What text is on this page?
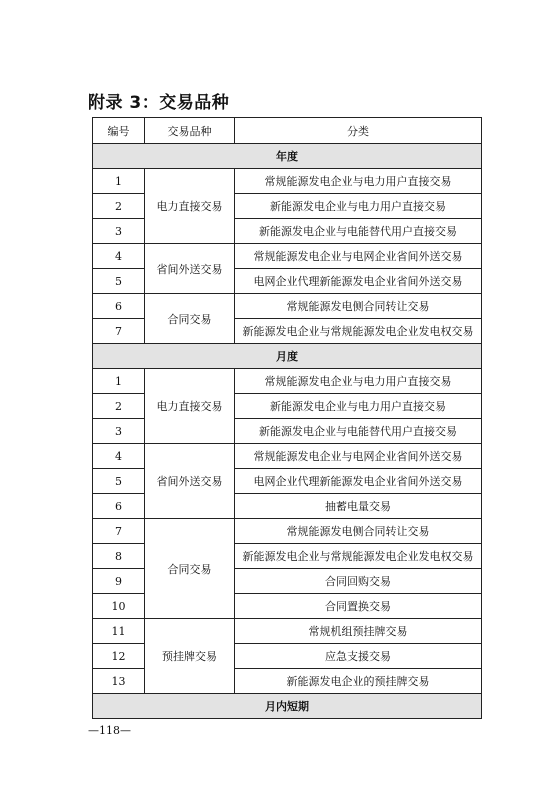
附录 3：交易品种
编号	交易品种	分类
年度		
1	电力直接交易	常规能源发电企业与电力用户直接交易
2		新能源发电企业与电力用户直接交易
3		新能源发电企业与电能替代用户直接交易
4	省间外送交易	常规能源发电企业与电网企业省间外送交易
5		电网企业代理新能源发电企业省间外送交易
6	合同交易	常规能源发电侧合同转让交易
7		新能源发电企业与常规能源发电企业发电权交易
月度		
1	电力直接交易	常规能源发电企业与电力用户直接交易
2		新能源发电企业与电力用户直接交易
3		新能源发电企业与电能替代用户直接交易
4	省间外送交易	常规能源发电企业与电网企业省间外送交易
5		电网企业代理新能源发电企业省间外送交易
6		抽蓄电量交易
7	合同交易	常规能源发电侧合同转让交易
8		新能源发电企业与常规能源发电企业发电权交易
9		合同回购交易
10		合同置换交易
11	预挂牌交易	常规机组预挂牌交易
12		应急支援交易
13		新能源发电企业的预挂牌交易
月内短期		
—118—
